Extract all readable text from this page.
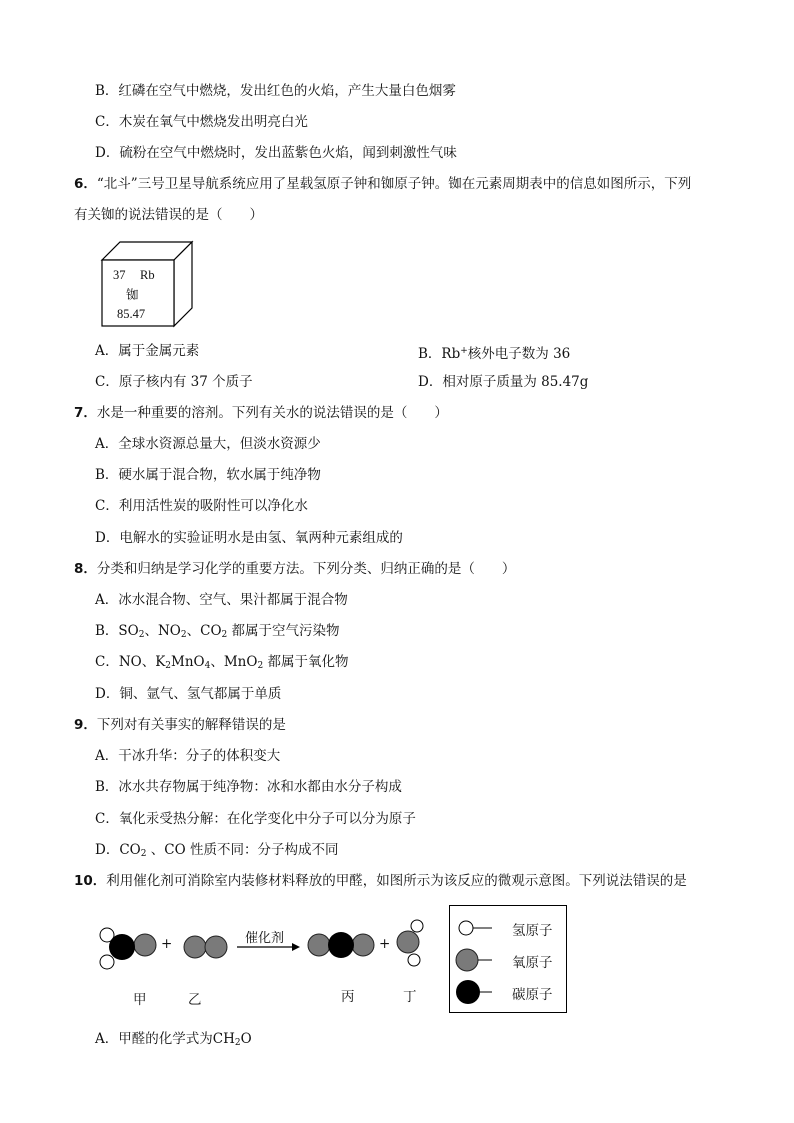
B．红磷在空气中燃烧，发出红色的火焰，产生大量白色烟雾
C．木炭在氧气中燃烧发出明亮白光
D．硫粉在空气中燃烧时，发出蓝紫色火焰，闻到刺激性气味
6．“北斗”三号卫星导航系统应用了星载氢原子钟和铷原子钟。铷在元素周期表中的信息如图所示，下列
有关铷的说法错误的是（　　）
37 Rb
铷
85.47
A．属于金属元素	B．Rb+核外电子数为 36
C．原子核内有 37 个质子	D．相对原子质量为 85.47g
7．水是一种重要的溶剂。下列有关水的说法错误的是（　　）
A．全球水资源总量大，但淡水资源少
B．硬水属于混合物，软水属于纯净物
C．利用活性炭的吸附性可以净化水
D．电解水的实验证明水是由氢、氧两种元素组成的
8．分类和归纳是学习化学的重要方法。下列分类、归纳正确的是（　　）
A．冰水混合物、空气、果汁都属于混合物
B．$SO_2$、$NO_2$、$CO_2$ 都属于空气污染物
C．NO、$K_2MnO_4$、MnO$_2$ 都属于氧化物
D．铜、氩气、氢气都属于单质
9．下列对有关事实的解释错误的是
A．干冰升华：分子的体积变大
B．冰水共存物属于纯净物：冰和水都由水分子构成
C．氧化汞受热分解：在化学变化中分子可以分为原子
D．$CO_2$ 、CO 性质不同：分子构成不同
10．利用催化剂可消除室内装修材料释放的甲醛，如图所示为该反应的微观示意图。下列说法错误的是
+	+
催化剂
甲	乙	丙	丁
氢原子
氧原子
碳原子
A．甲醛的化学式为$CH_2O$
